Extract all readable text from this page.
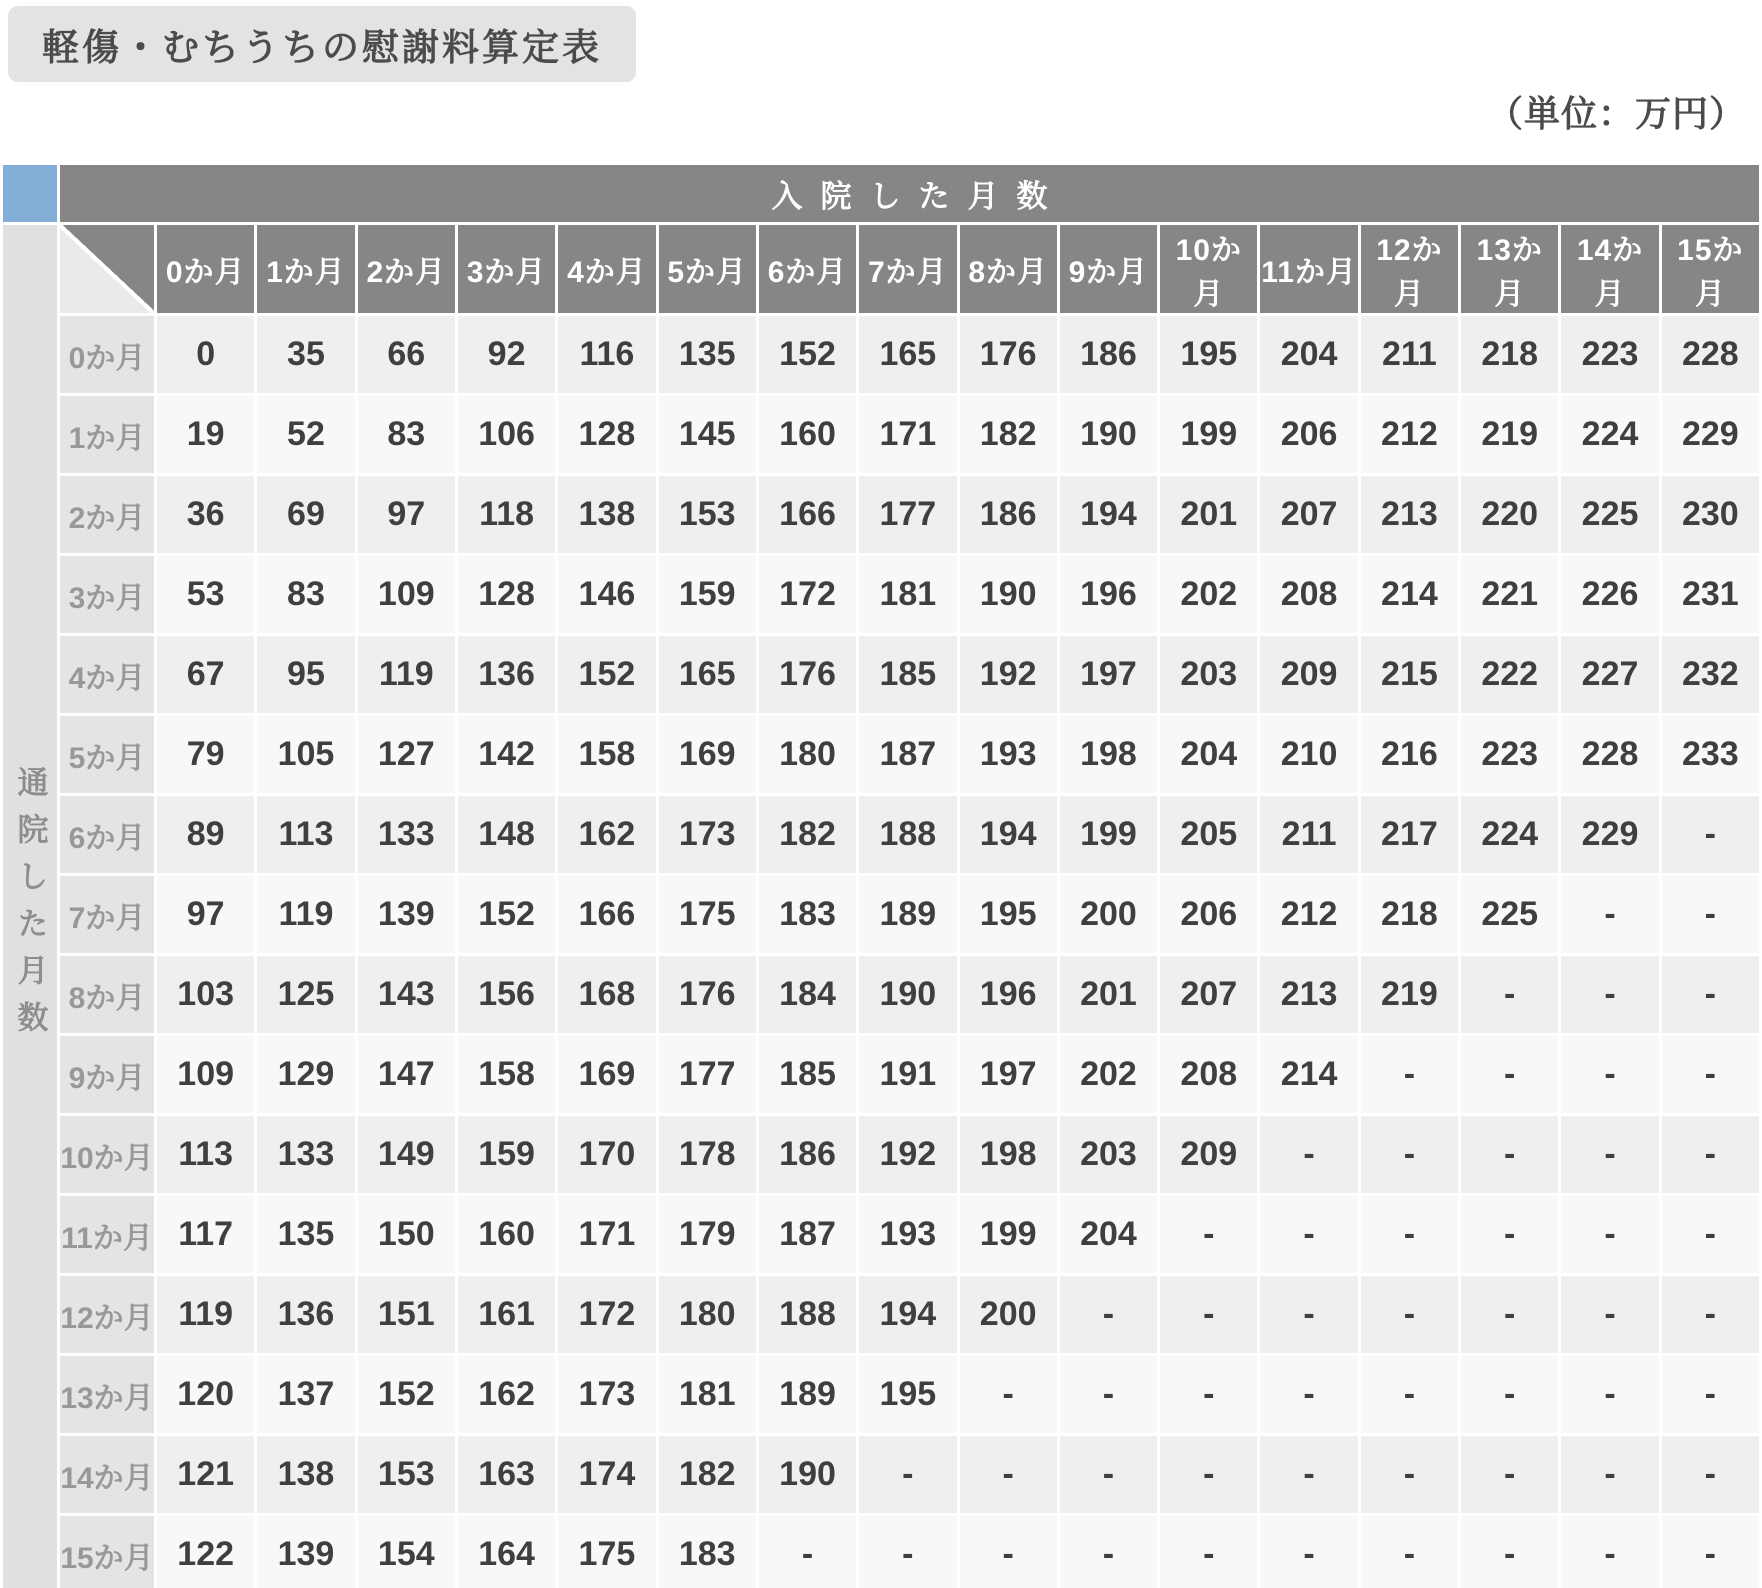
軽傷・むちうちの慰謝料算定表
（単位：万円）
	入院した月数																
通院した月数		0か月	1か月	2か月	3か月	4か月	5か月	6か月	7か月	8か月	9か月	10か月	11か月	12か月	13か月	14か月	15か月
	0か月	0	35	66	92	116	135	152	165	176	186	195	204	211	218	223	228
	1か月	19	52	83	106	128	145	160	171	182	190	199	206	212	219	224	229
	2か月	36	69	97	118	138	153	166	177	186	194	201	207	213	220	225	230
	3か月	53	83	109	128	146	159	172	181	190	196	202	208	214	221	226	231
	4か月	67	95	119	136	152	165	176	185	192	197	203	209	215	222	227	232
	5か月	79	105	127	142	158	169	180	187	193	198	204	210	216	223	228	233
	6か月	89	113	133	148	162	173	182	188	194	199	205	211	217	224	229	-
	7か月	97	119	139	152	166	175	183	189	195	200	206	212	218	225	-	-
	8か月	103	125	143	156	168	176	184	190	196	201	207	213	219	-	-	-
	9か月	109	129	147	158	169	177	185	191	197	202	208	214	-	-	-	-
	10か月	113	133	149	159	170	178	186	192	198	203	209	-	-	-	-	-
	11か月	117	135	150	160	171	179	187	193	199	204	-	-	-	-	-	-
	12か月	119	136	151	161	172	180	188	194	200	-	-	-	-	-	-	-
	13か月	120	137	152	162	173	181	189	195	-	-	-	-	-	-	-	-
	14か月	121	138	153	163	174	182	190	-	-	-	-	-	-	-	-	-
	15か月	122	139	154	164	175	183	-	-	-	-	-	-	-	-	-	-
